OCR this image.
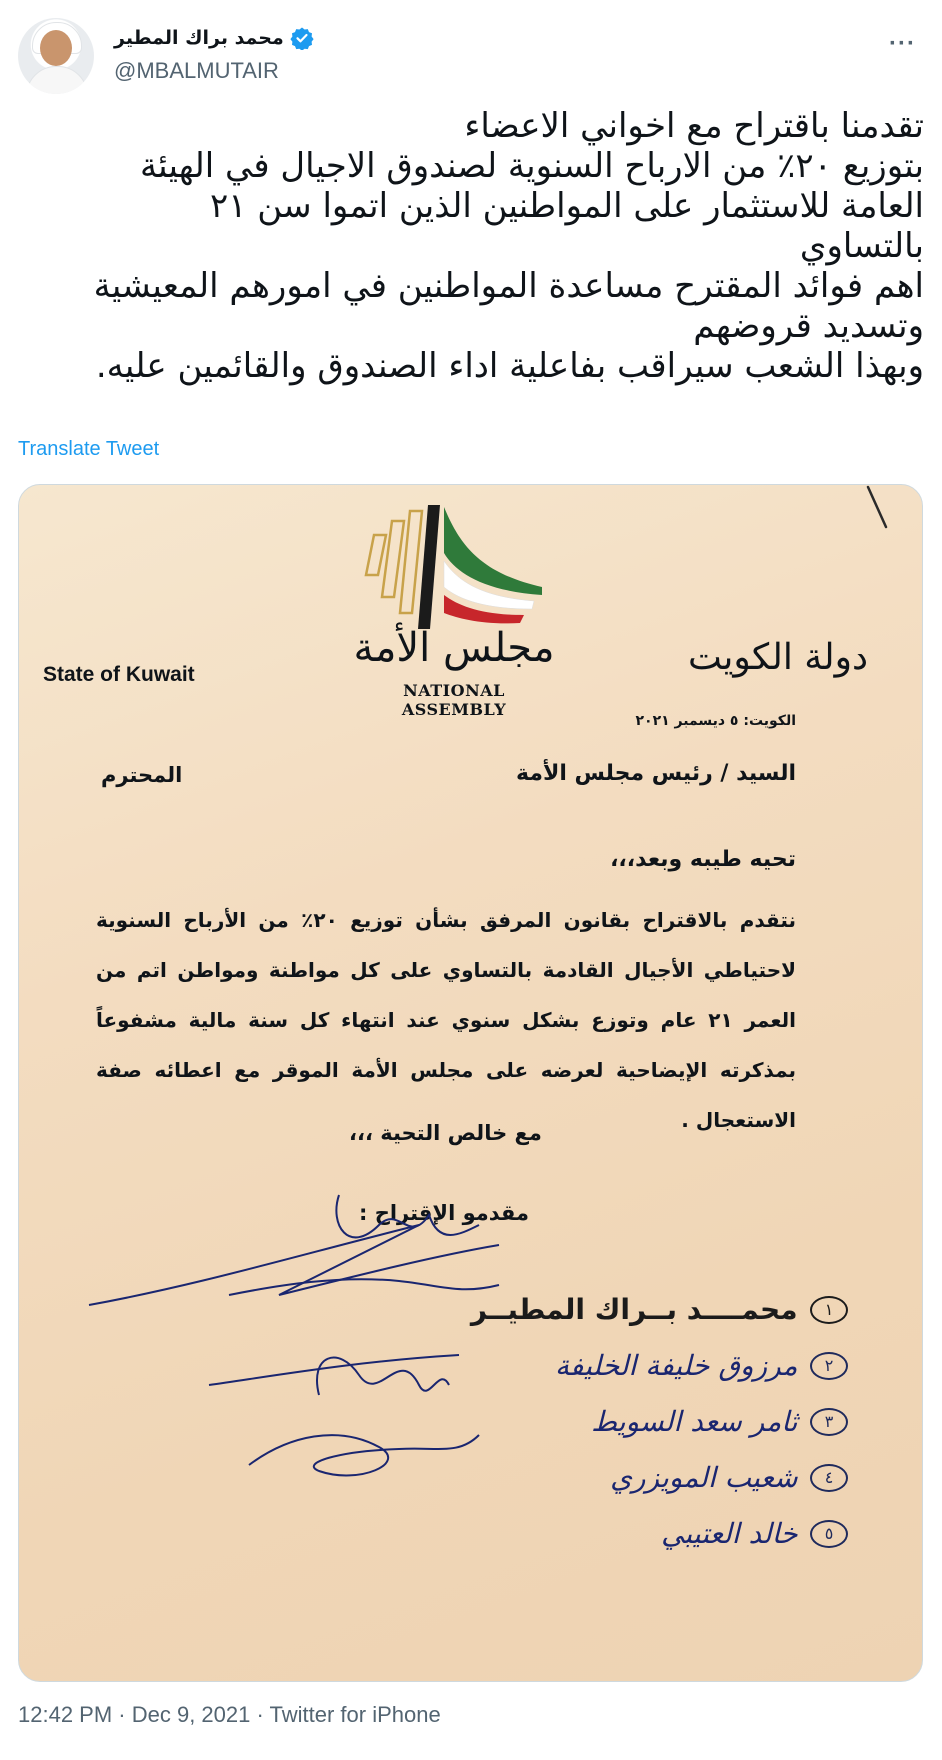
محمد براك المطير
@MBALMUTAIR
···
تقدمنا باقتراح مع اخواني الاعضاء
بتوزيع ٢٠٪ من الارباح السنوية لصندوق الاجيال في الهيئة
العامة للاستثمار على المواطنين الذين اتموا سن ٢١
بالتساوي
اهم فوائد المقترح مساعدة المواطنين في امورهم المعيشية
وتسديد قروضهم
وبهذا الشعب سيراقب بفاعلية اداء الصندوق والقائمين عليه.
Translate Tweet
مجلس الأمة
NATIONAL ASSEMBLY
State of Kuwait	دولة الكويت
الكويت: ٥ ديسمبر ٢٠٢١
السيد / رئيس مجلس الأمة
المحترم
تحيه طيبه وبعد،،،
نتقدم بالاقتراح بقانون المرفق بشأن توزيع ٢٠٪ من الأرباح السنوية لاحتياطي الأجيال القادمة بالتساوي على كل مواطنة ومواطن اتم من العمر ٢١ عام وتوزع بشكل سنوي عند انتهاء كل سنة مالية مشفوعاً بمذكرته الإيضاحية لعرضه على مجلس الأمة الموقر مع اعطائه صفة الاستعجال .
مع خالص التحية ،،،
مقدمو الإقتراح :
١ محمــــد بــراك المطيــر
٢ مرزوق خليفة الخليفة
٣ ثامر سعد السويط
٤ شعيب المويزري
٥ خالد العتيبي
12:42 PM · Dec 9, 2021 · Twitter for iPhone
